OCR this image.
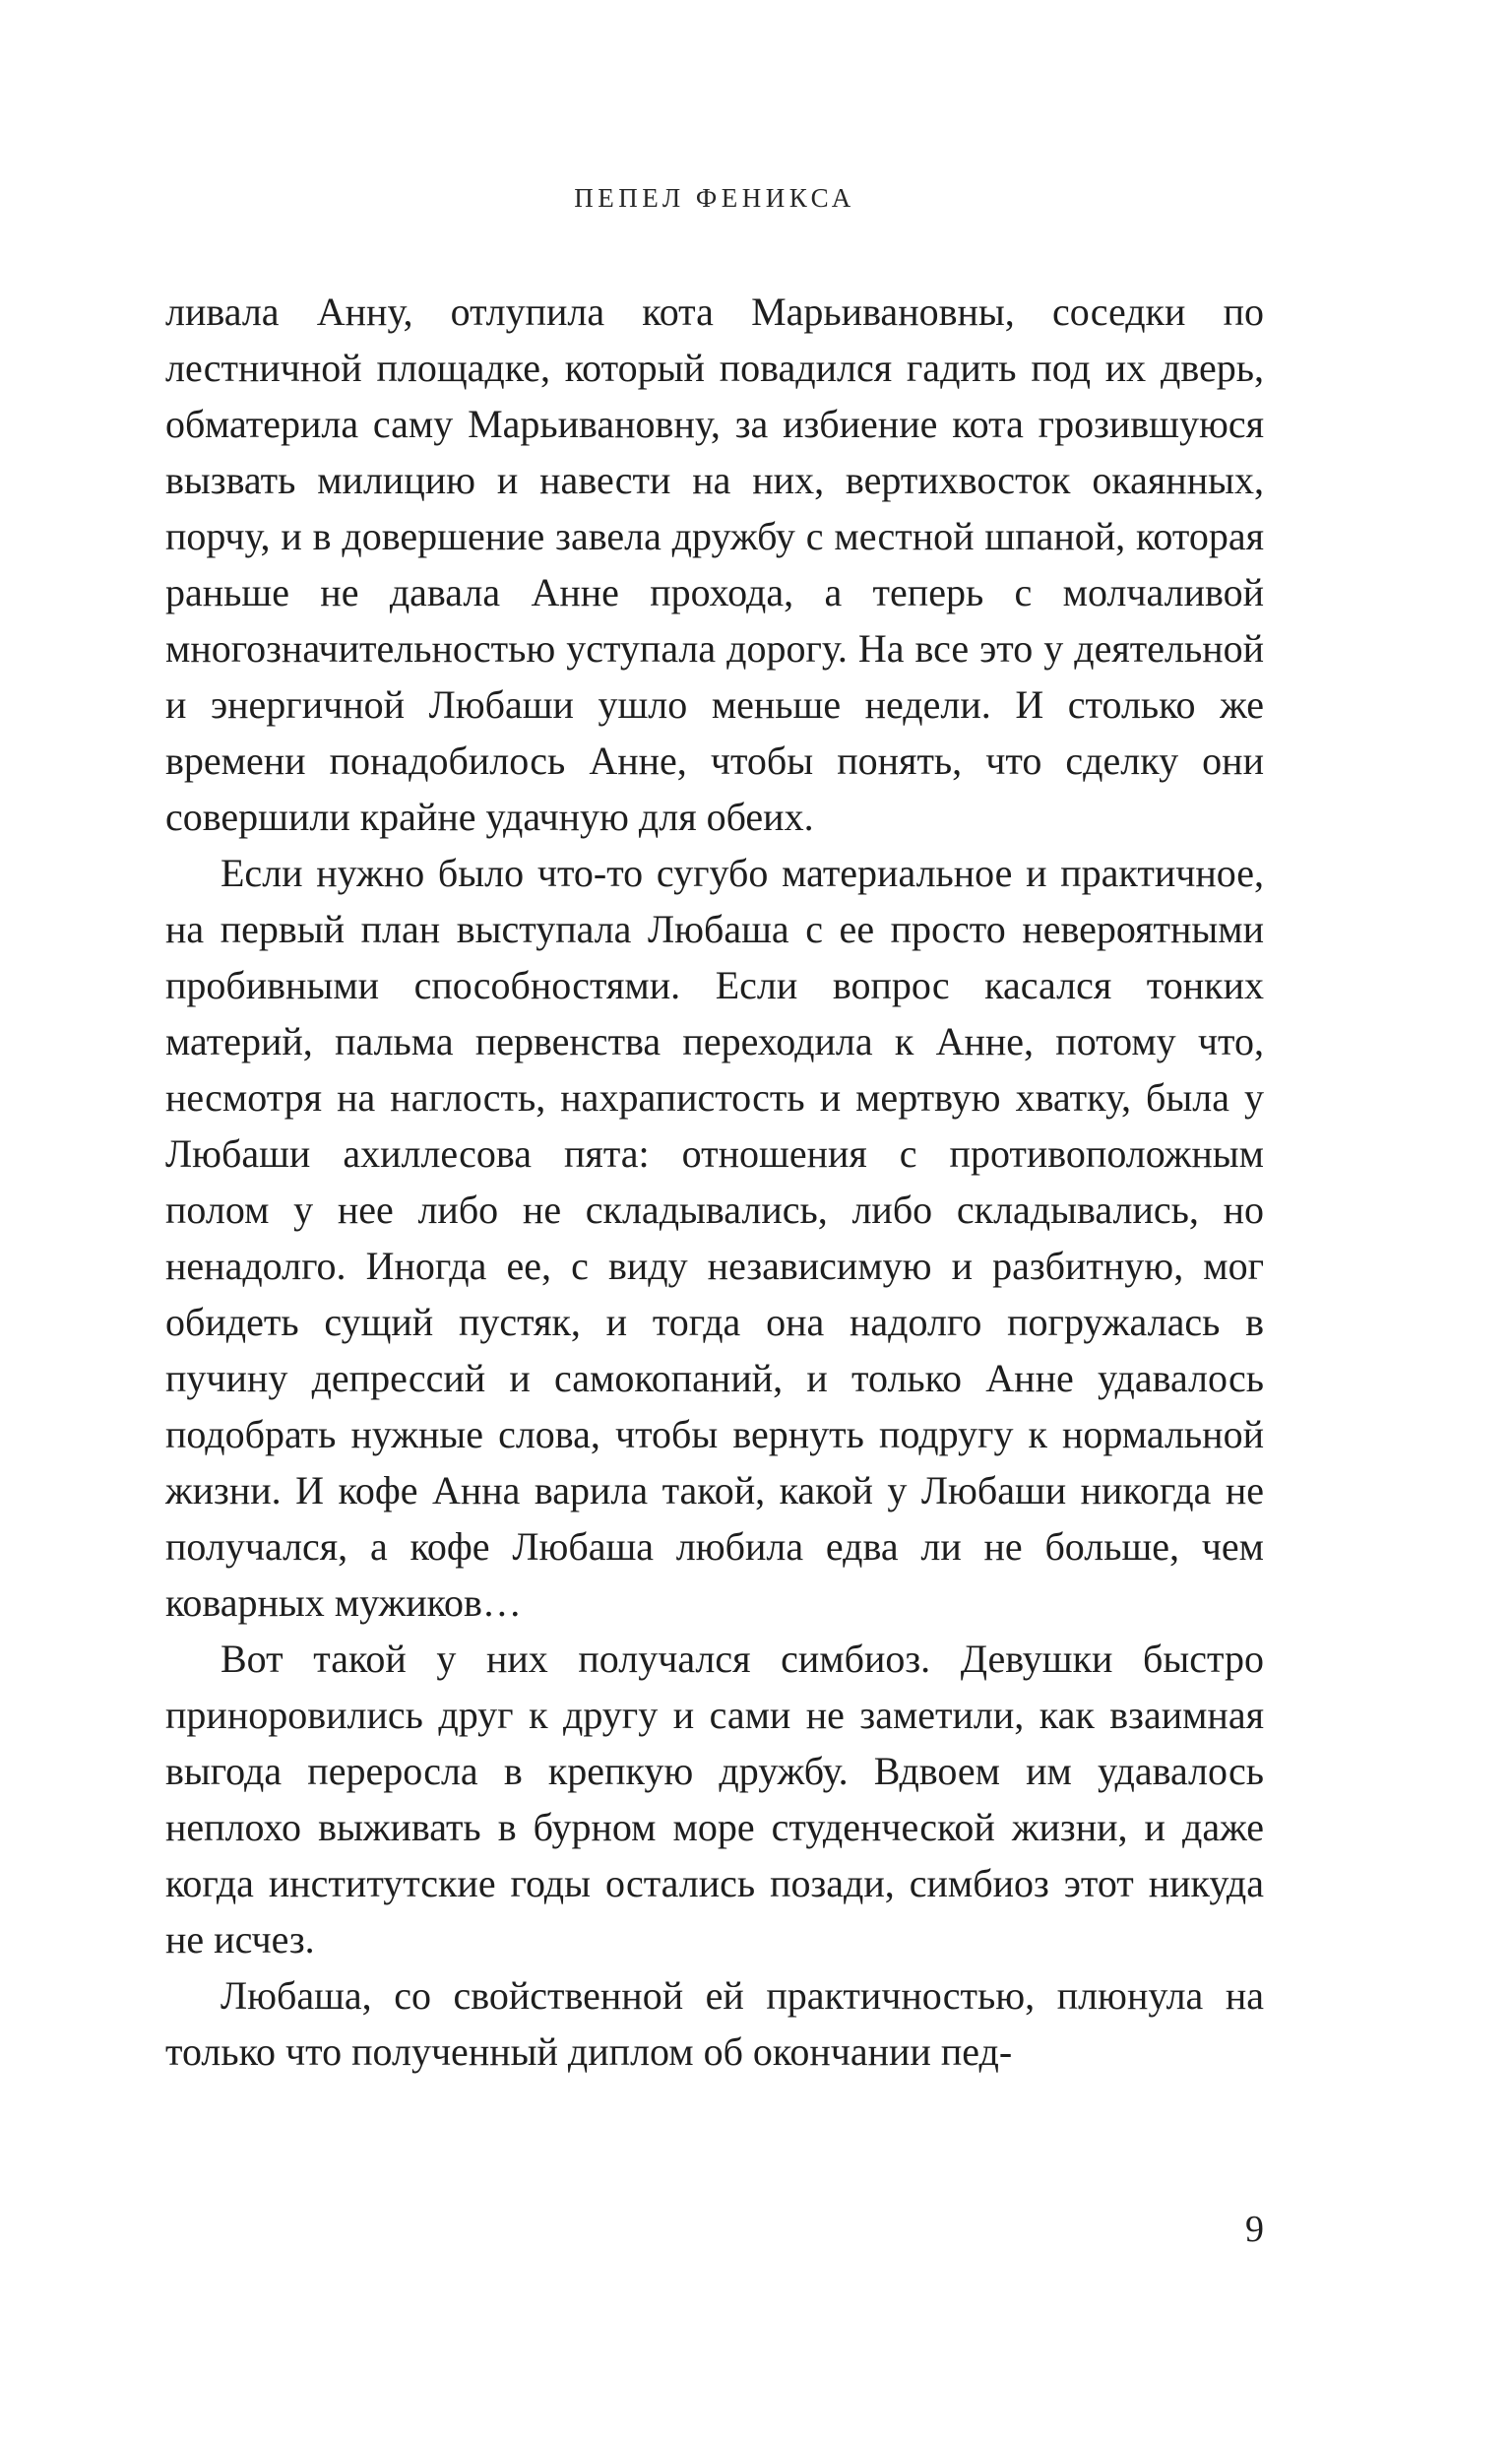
ПЕПЕЛ ФЕНИКСА

ливала Анну, отлупила кота Марьивановны, соседки по лестничной площадке, который повадился гадить под их дверь, обматерила саму Марьивановну, за избиение кота грозившуюся вызвать милицию и навести на них, вертихвосток окаянных, порчу, и в довершение завела дружбу с местной шпаной, которая раньше не давала Анне прохода, а теперь с молчаливой многозначительностью уступала дорогу. На все это у деятельной и энергичной Любаши ушло меньше недели. И столько же времени понадобилось Анне, чтобы понять, что сделку они совершили крайне удачную для обеих.

Если нужно было что-то сугубо материальное и практичное, на первый план выступала Любаша с ее просто невероятными пробивными способностями. Если вопрос касался тонких материй, пальма первенства переходила к Анне, потому что, несмотря на наглость, нахрапистость и мертвую хватку, была у Любаши ахиллесова пята: отношения с противоположным полом у нее либо не складывались, либо складывались, но ненадолго. Иногда ее, с виду независимую и разбитную, мог обидеть сущий пустяк, и тогда она надолго погружалась в пучину депрессий и самокопаний, и только Анне удавалось подобрать нужные слова, чтобы вернуть подругу к нормальной жизни. И кофе Анна варила такой, какой у Любаши никогда не получался, а кофе Любаша любила едва ли не больше, чем коварных мужиков…

Вот такой у них получался симбиоз. Девушки быстро приноровились друг к другу и сами не заметили, как взаимная выгода переросла в крепкую дружбу. Вдвоем им удавалось неплохо выживать в бурном море студенческой жизни, и даже когда институтские годы остались позади, симбиоз этот никуда не исчез.

Любаша, со свойственной ей практичностью, плюнула на только что полученный диплом об окончании пед-

9
